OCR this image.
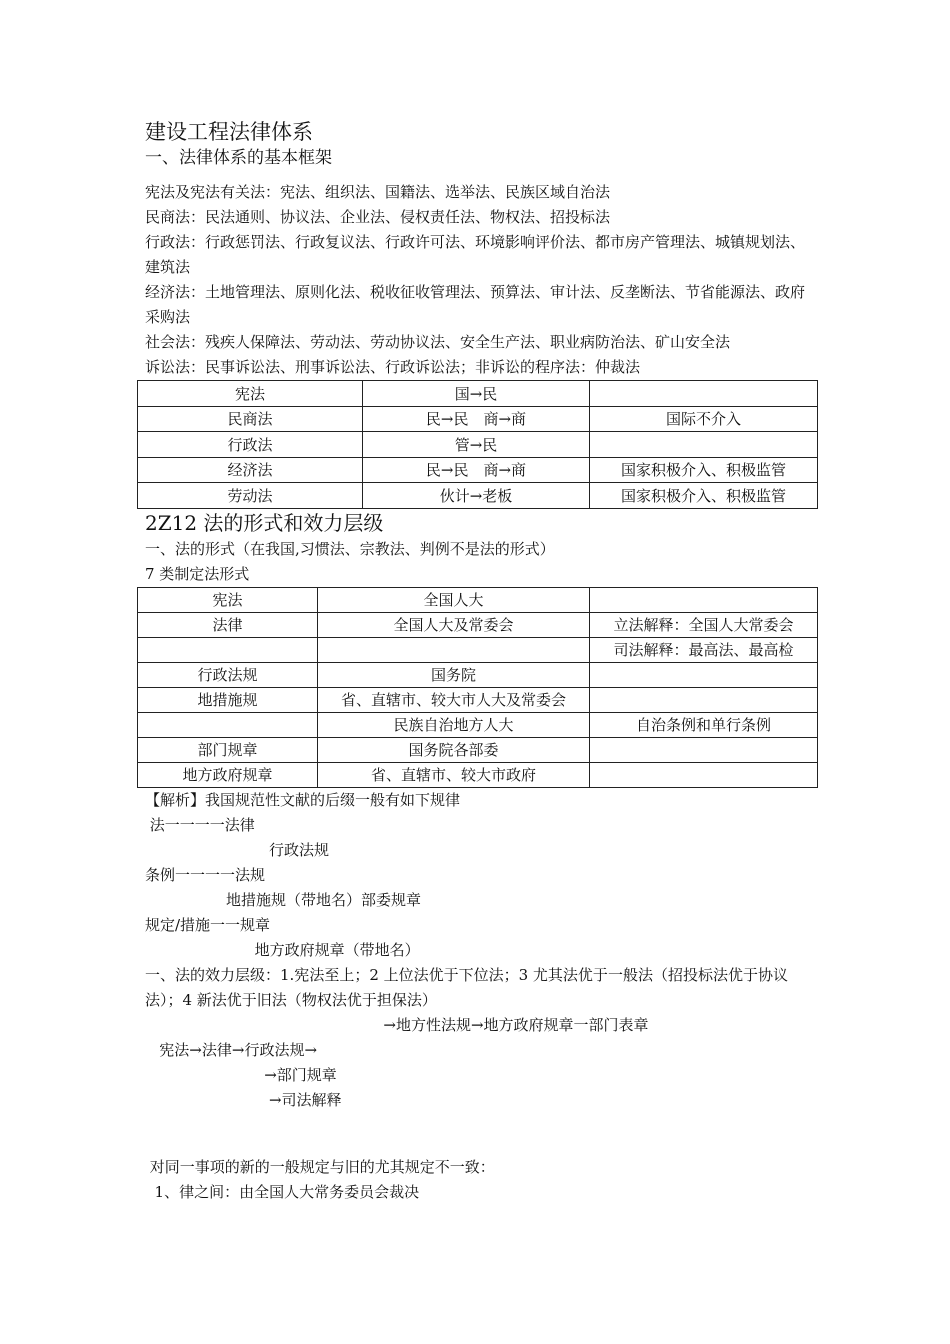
建设工程法律体系

一、法律体系的基本框架

宪法及宪法有关法：宪法、组织法、国籍法、选举法、民族区域自治法

民商法：民法通则、协议法、企业法、侵权责任法、物权法、招投标法

行政法：行政惩罚法、行政复议法、行政许可法、环境影响评价法、都市房产管理法、城镇规划法、建筑法

经济法：土地管理法、原则化法、税收征收管理法、预算法、审计法、反垄断法、节省能源法、政府采购法

社会法：残疾人保障法、劳动法、劳动协议法、安全生产法、职业病防治法、矿山安全法

诉讼法：民事诉讼法、刑事诉讼法、行政诉讼法；非诉讼的程序法：仲裁法

宪法	国→民	
民商法	民→民　商→商	国际不介入
行政法	管→民	
经济法	民→民　商→商	国家积极介入、积极监管
劳动法	伙计→老板	国家积极介入、积极监管

2Z12 法的形式和效力层级

一、法的形式（在我国,习惯法、宗教法、判例不是法的形式）

7 类制定法形式

宪法	全国人大	
法律	全国人大及常委会	立法解释：全国人大常委会
		司法解释：最高法、最高检
行政法规	国务院	
地措施规	省、直辖市、较大市人大及常委会	
	民族自治地方人大	自治条例和单行条例
部门规章	国务院各部委	
地方政府规章	省、直辖市、较大市政府	

【解析】我国规范性文献的后缀一般有如下规律

法一一一一法律

行政法规

条例一一一一法规

地措施规（带地名）部委规章

规定/措施一一规章

地方政府规章（带地名）

一、法的效力层级：1.宪法至上；2 上位法优于下位法；3 尤其法优于一般法（招投标法优于协议法）；4 新法优于旧法（物权法优于担保法）

→地方性法规→地方政府规章一部门表章

宪法→法律→行政法规→

→部门规章

→司法解释

对同一事项的新的一般规定与旧的尤其规定不一致：

1、律之间：由全国人大常务委员会裁决
